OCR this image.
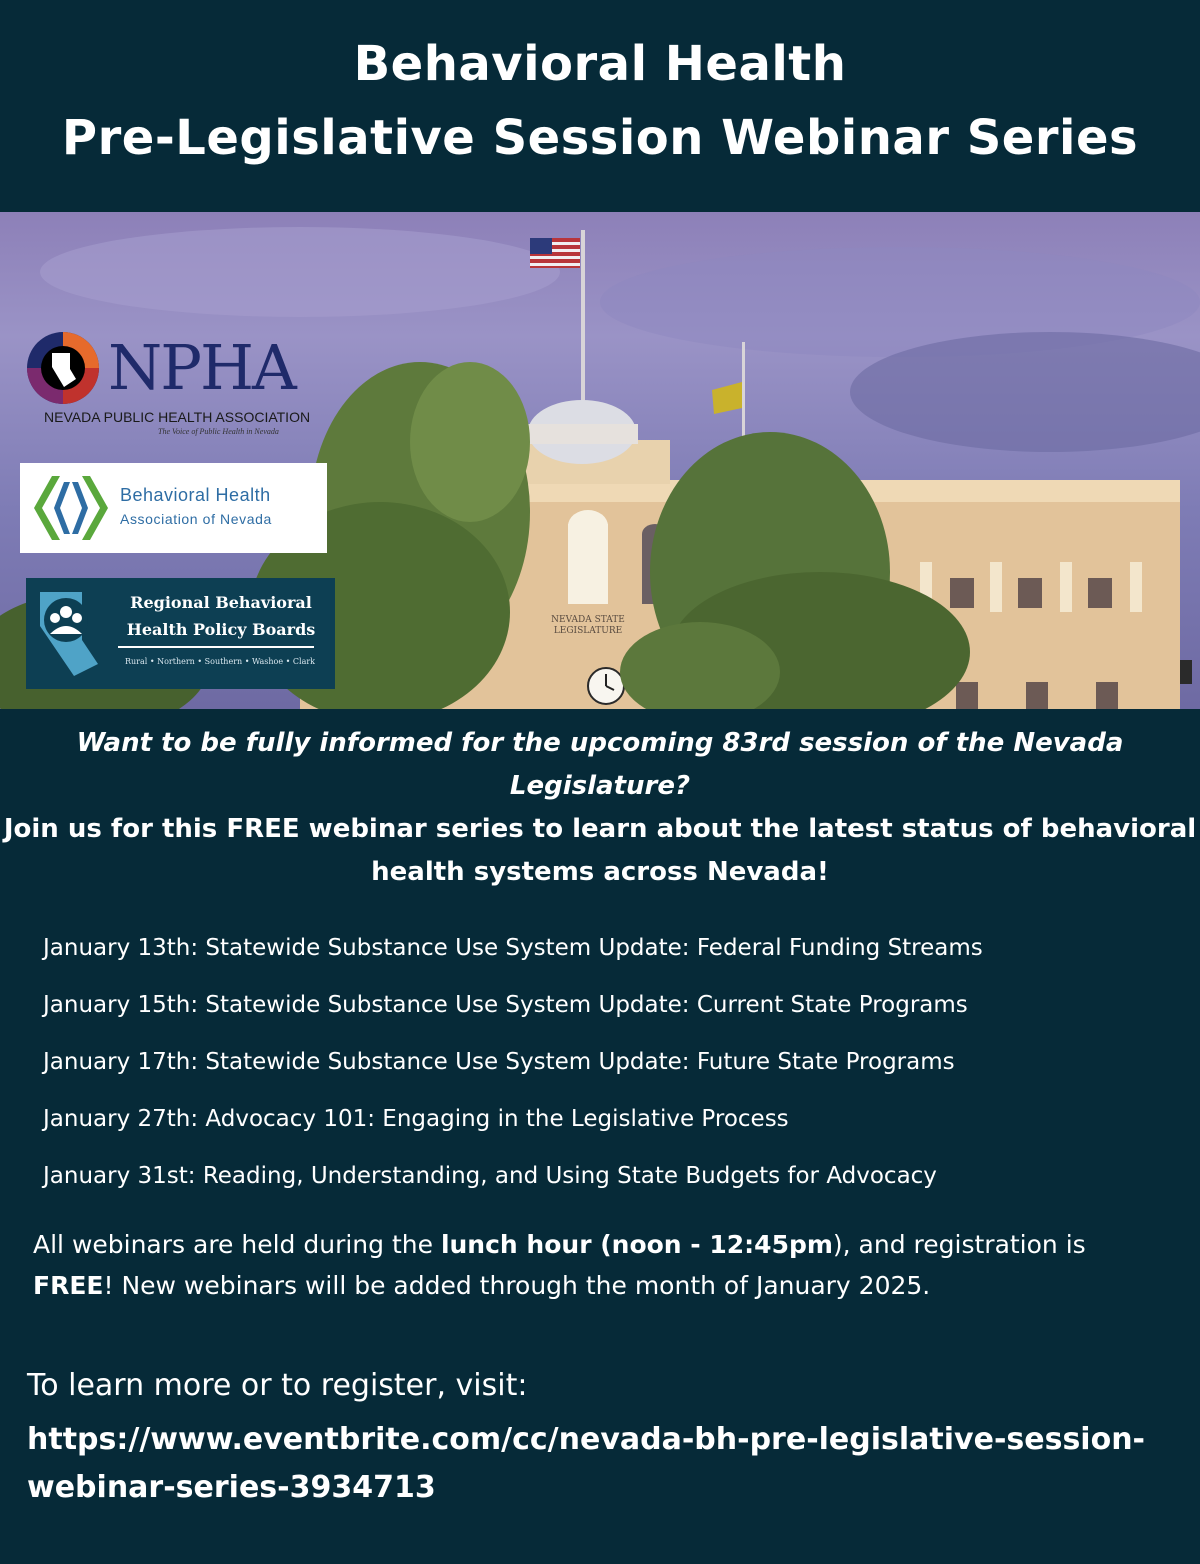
Behavioral Health
Pre-Legislative Session Webinar Series
NEVADA STATE
LEGISLATURE
NPHA
NEVADA PUBLIC HEALTH ASSOCIATION
The Voice of Public Health in Nevada
Behavioral Health
Association of Nevada
Regional Behavioral
Health Policy Boards
Rural • Northern • Southern • Washoe • Clark
Want to be fully informed for the upcoming 83rd session of the Nevada Legislature?
Join us for this FREE webinar series to learn about the latest status of behavioral health systems across Nevada!
January 13th: Statewide Substance Use System Update: Federal Funding Streams
January 15th: Statewide Substance Use System Update: Current State Programs
January 17th: Statewide Substance Use System Update: Future State Programs
January 27th: Advocacy 101: Engaging in the Legislative Process
January 31st: Reading, Understanding, and Using State Budgets for Advocacy
All webinars are held during the lunch hour (noon - 12:45pm), and registration is FREE! New webinars will be added through the month of January 2025.
To learn more or to register, visit:
https://www.eventbrite.com/cc/nevada-bh-pre-legislative-session-webinar-series-3934713
